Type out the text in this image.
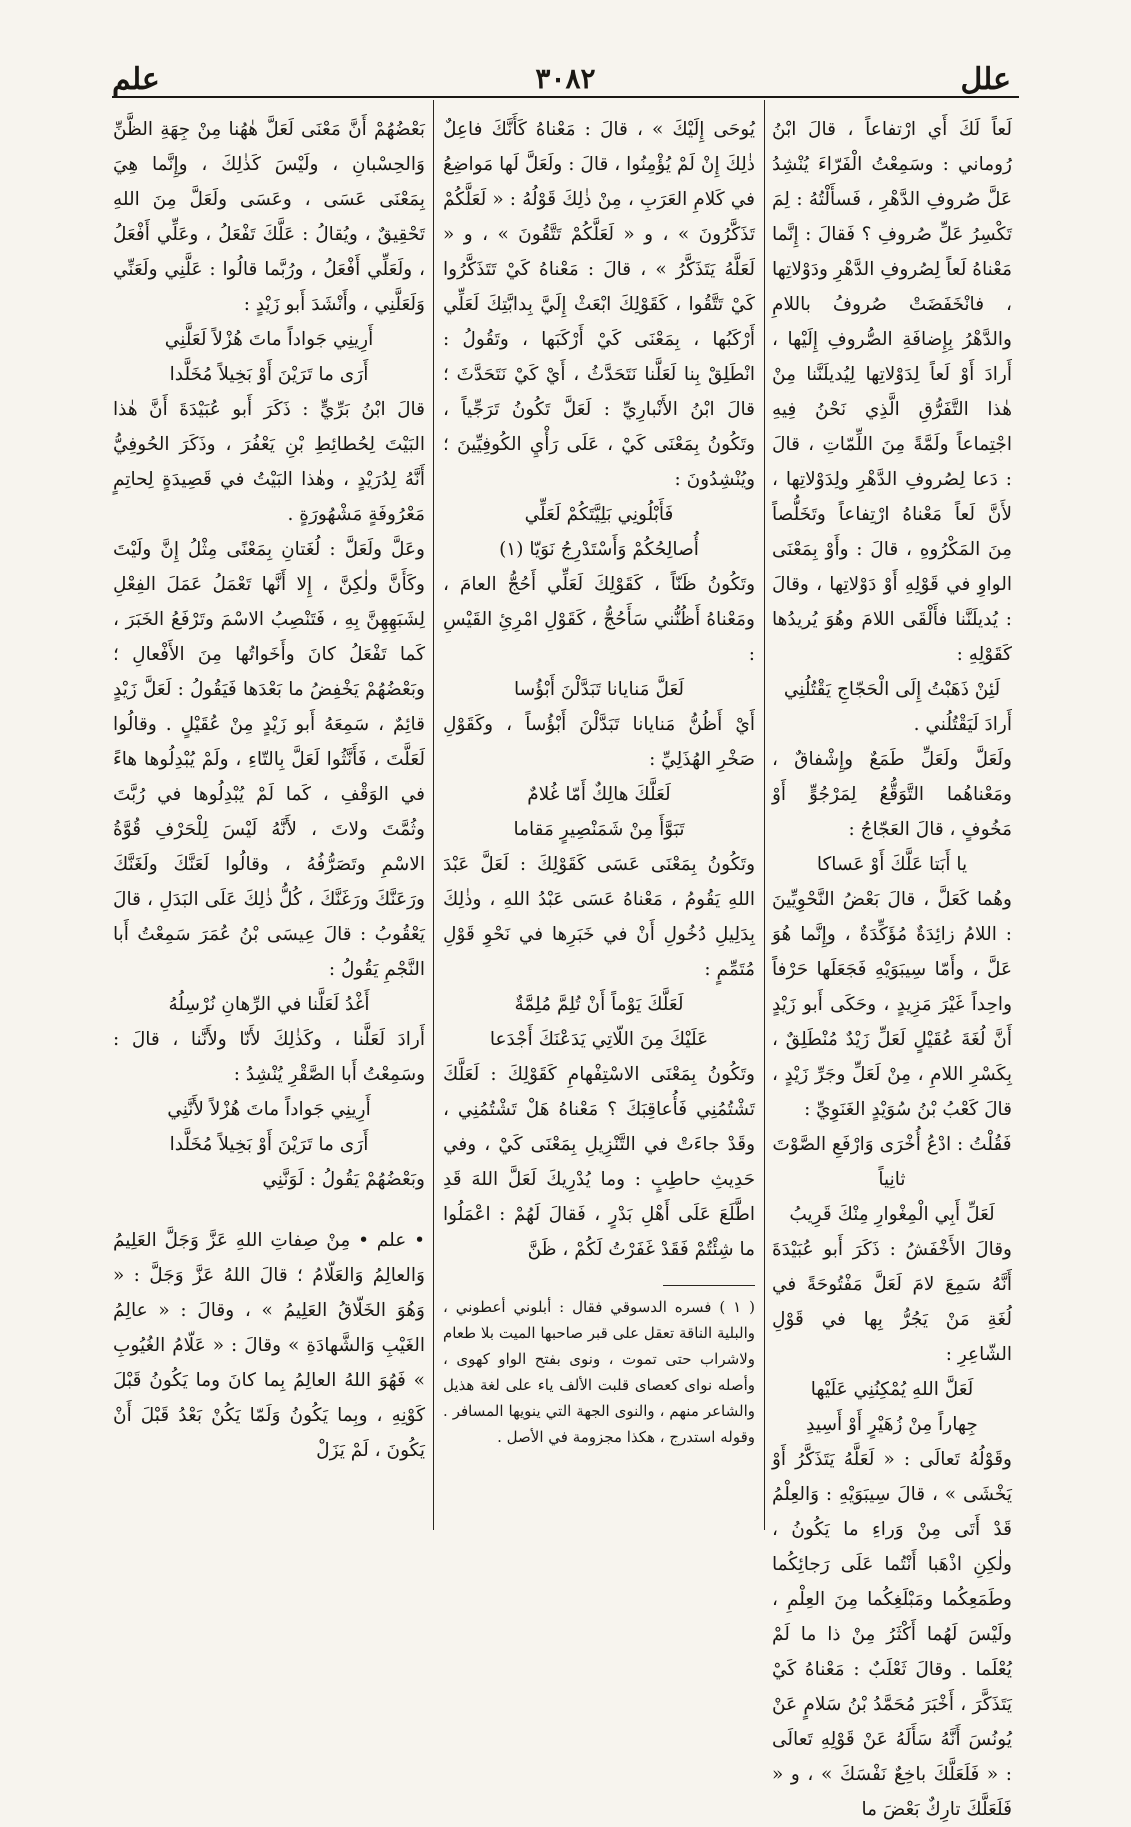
علل
٣٠٨٢
علم

لَعاً لَكَ أَي ارْتفاعاً ، قالَ ابْنُ رُوماني : وسَمِعْتُ الْفَرّاءَ يُنْشِدُ عَلَّ صُروفِ الدَّهْرِ ، فَسأَلْتُهُ : لِمَ تَكْسِرُ عَلِّ صُروفِ ؟ فَقالَ : إِنَّما مَعْناهُ لَعاً لِصُروفِ الدَّهْرِ ودَوْلاتِها ، فانْخَفَضَتْ صُروفُ باللامِ والدَّهْرُ بِإِضافَةِ الصُّروفِ إِلَيْها ، أَرادَ أَوْ لَعاً لِدَوْلاتِها لِيُديلَنَّنا مِنْ هٰذا التَّفَرُّقِ الَّذِي نَحْنُ فِيهِ اجْتِماعاً ولَمَّةً مِنَ اللِّمّاتِ ، قالَ : دَعا لِصُروفِ الدَّهْرِ ولِدَوْلاتِها ، لأَنَّ لَعاً مَعْناهُ ارْتِفاعاً وتَخَلُّصاً مِنَ المَكْرُوهِ ، قالَ : وأَوْ بِمَعْنَى الواوِ في قَوْلِهِ أَوْ دَوْلاتِها ، وقالَ : يُديلَنَّنا فأَلْقَى اللامَ وهُوَ يُريدُها كَقَوْلِهِ :

لَئِنْ ذَهَبْتُ إِلَى الْحَجّاجِ يَقْتُلُنِي

أَرادَ لَيَقْتُلُني .

ولَعَلَّ ولَعَلِّ طَمَعٌ وإِشْفاقٌ ، ومَعْناهُما التَّوَقُّعُ لِمَرْجُوٍّ أَوْ مَخُوفٍ ، قالَ العَجّاجُ :

يا أَبَتا عَلَّكَ أَوْ عَساكا

وهُما كَعَلَّ ، قالَ بَعْضُ النَّحْوِيِّينَ : اللامُ زائِدَةٌ مُؤَكِّدَةٌ ، وإِنَّما هُوَ عَلَّ ، وأَمّا سِيبَوَيْهِ فَجَعَلَها حَرْفاً واحِداً غَيْرَ مَزِيدٍ ، وحَكَى أَبو زَيْدٍ أَنَّ لُغَةَ عُقَيْلٍ لَعَلِّ زَيْدٌ مُنْطَلِقٌ ، بِكَسْرِ اللامِ ، مِنْ لَعَلِّ وجَرِّ زَيْدٍ ، قالَ كَعْبُ بْنُ سُوَيْدٍ الغَنَوِيِّ :

فَقُلْتُ : ادْعُ أُخْرَى وَارْفَعِ الصَّوْتَ ثانِياً

لَعَلِّ أَبِي الْمِغْوارِ مِنْكَ قَرِيبُ

وقالَ الأَخْفَشُ : ذَكَرَ أَبو عُبَيْدَةَ أَنَّهُ سَمِعَ لامَ لَعَلَّ مَفْتُوحَةً في لُغَةِ مَنْ يَجُرُّ بِها في قَوْلِ الشّاعِرِ :

لَعَلَّ اللهِ يُمْكِنُنِي عَلَيْها

جِهاراً مِنْ زُهَيْرٍ أَوْ أَسِيدِ

وقَوْلُهُ تَعالَى : « لَعَلَّهُ يَتَذَكَّرُ أَوْ يَخْشَى » ، قالَ سِيبَوَيْهِ : وَالعِلْمُ قَدْ أَتَى مِنْ وَراءِ ما يَكُونُ ، ولٰكِنِ اذْهَبا أَنْتُما عَلَى رَجائِكُما وطَمَعِكُما ومَبْلَغِكُما مِنَ العِلْمِ ، ولَيْسَ لَهُما أَكْثَرُ مِنْ ذا ما لَمْ يُعْلَما . وقالَ ثَعْلَبٌ : مَعْناهُ كَيْ يَتَذَكَّرَ ، أَخْبَرَ مُحَمَّدُ بْنُ سَلامٍ عَنْ يُونُسَ أَنَّهُ سَأَلَهُ عَنْ قَوْلِهِ تَعالَى : « فَلَعَلَّكَ باخِعٌ نَفْسَكَ » ، و « فَلَعَلَّكَ تارِكٌ بَعْضَ ما

يُوحَى إِلَيْكَ » ، قالَ : مَعْناهُ كَأَنَّكَ فاعِلٌ ذٰلِكَ إِنْ لَمْ يُؤْمِنُوا ، قالَ : ولَعَلَّ لَها مَواضِعُ في كَلامِ العَرَبِ ، مِنْ ذٰلِكَ قَوْلُهُ : « لَعَلَّكُمْ تَذَكَّرُونَ » ، و « لَعَلَّكُمْ تَتَّقُونَ » ، و « لَعَلَّهُ يَتَذَكَّرُ » ، قالَ : مَعْناهُ كَيْ تَتَذَكَّرُوا كَيْ تَتَّقُوا ، كَقَوْلِكَ ابْعَثْ إِلَيَّ بِدابَّتِكَ لَعَلِّي أَرْكَبُها ، بِمَعْنَى كَيْ أَرْكَبَها ، وتَقُولُ : انْطَلِقْ بِنا لَعَلَّنا نَتَحَدَّثُ ، أَيْ كَيْ نَتَحَدَّثَ ؛ قالَ ابْنُ الأَنْبارِيِّ : لَعَلَّ تَكُونُ تَرَجِّياً ، وتَكُونُ بِمَعْنَى كَيْ ، عَلَى رَأْيِ الكُوفِيِّينَ ؛ ويُنْشِدُونَ :

فَأَبْلُونِي بَلِيَّتَكُمْ لَعَلِّي

أُصالِحُكُمْ وَأَسْتَدْرِجُ نَوَيّا (١)

وتَكُونُ ظَنّاً ، كَقَوْلِكَ لَعَلِّي أَحُجُّ العامَ ، ومَعْناهُ أَظُنُّني سَأَحُجُّ ، كَقَوْلِ امْرِئِ القَيْسِ :

لَعَلَّ مَنايانا تَبَدَّلْنَ أَبْؤُسا

أَيْ أَظُنُّ مَنايانا تَبَدَّلْنَ أَبْؤُساً ، وكَقَوْلِ صَخْرِ الهُذَلِيِّ :

لَعَلَّكَ هالِكٌ أَمّا غُلامٌ

تَبَوَّأَ مِنْ شَمَنْصِيرٍ مَقاما

وتَكُونُ بِمَعْنَى عَسَى كَقَوْلِكَ : لَعَلَّ عَبْدَ اللهِ يَقُومُ ، مَعْناهُ عَسَى عَبْدُ اللهِ ، وذٰلِكَ بِدَلِيلِ دُخُولِ أَنْ في خَبَرِها في نَحْوِ قَوْلِ مُتَمِّمٍ :

لَعَلَّكَ يَوْماً أَنْ تُلِمَّ مُلِمَّةٌ

عَلَيْكَ مِنَ اللّاتِي يَدَعْنَكَ أَجْدَعا

وتَكُونُ بِمَعْنَى الاسْتِفْهامِ كَقَوْلِكَ : لَعَلَّكَ تَشْتُمُنِي فَأُعاقِبَكَ ؟ مَعْناهُ هَلْ تَشْتُمُنِي ، وقَدْ جاءَتْ في التَّنْزِيلِ بِمَعْنَى كَيْ ، وفي حَدِيثِ حاطِبٍ : وما يُدْرِيكَ لَعَلَّ اللهَ قَدِ اطَّلَعَ عَلَى أَهْلِ بَدْرٍ ، فَقالَ لَهُمْ : اعْمَلُوا ما شِئْتُمْ فَقَدْ غَفَرْتُ لَكُمْ ، ظَنَّ

( ١ ) فسره الدسوقي فقال : أبلوني أعطوني ، والبلية الناقة تعقل على قبر صاحبها الميت بلا طعام ولاشراب حتى تموت ، ونوى بفتح الواو كهوى ، وأصله نواى كعصاى قلبت الألف ياء على لغة هذيل والشاعر منهم ، والنوى الجهة التي ينويها المسافر . وقوله استدرج ، هكذا مجزومة في الأصل .

بَعْضُهُمْ أَنَّ مَعْنَى لَعَلَّ هٰهُنا مِنْ جِهَةِ الظَّنِّ وَالحِسْبانِ ، ولَيْسَ كَذٰلِكَ ، وإِنَّما هِيَ بِمَعْنَى عَسَى ، وعَسَى ولَعَلَّ مِنَ اللهِ تَحْقِيقٌ ، ويُقالُ : عَلَّكَ تَفْعَلُ ، وعَلِّي أَفْعَلُ ، ولَعَلِّي أَفْعَلُ ، ورُبَّما قالُوا : عَلَّنِي ولَعَنِّي وَلَعَلَّنِي ، وأَنْشَدَ أَبو زَيْدٍ :

أَرِينِي جَواداً ماتَ هُزْلاً لَعَلَّنِي

أَرَى ما تَرَيْنَ أَوْ بَخِيلاً مُخَلَّدا

قالَ ابْنُ بَرِّيٍّ : ذَكَرَ أَبو عُبَيْدَةَ أَنَّ هٰذا البَيْتَ لِحُطائِطِ بْنِ يَعْفُرَ ، وذَكَرَ الحُوفِيُّ أَنَّهُ لِدُرَيْدٍ ، وهٰذا البَيْتُ في قَصِيدَةٍ لِحاتِمٍ مَعْرُوفَةٍ مَشْهُورَةٍ .

وعَلَّ ولَعَلَّ : لُغَتانِ بِمَعْنًى مِثْلُ إِنَّ ولَيْتَ وكَأَنَّ ولٰكِنَّ ، إِلا أَنَّها تَعْمَلُ عَمَلَ الفِعْلِ لِشَبَهِهِنَّ بِهِ ، فَتَنْصِبُ الاسْمَ وتَرْفَعُ الخَبَرَ ، كَما تَفْعَلُ كانَ وأَخَواتُها مِنَ الأَفْعالِ ؛ وبَعْضُهُمْ يَخْفِضُ ما بَعْدَها فَيَقُولُ : لَعَلَّ زَيْدٍ قائِمٌ ، سَمِعَهُ أَبو زَيْدٍ مِنْ عُقَيْلٍ . وقالُوا لَعَلَّتَ ، فَأَنَّثُوا لَعَلَّ بِالتّاءِ ، ولَمْ يُبْدِلُوها هاءً في الوَقْفِ ، كَما لَمْ يُبْدِلُوها في رُبَّتَ وثُمَّتَ ولاتَ ، لأَنَّهُ لَيْسَ لِلْحَرْفِ قُوَّةُ الاسْمِ وتَصَرُّفُهُ ، وقالُوا لَعَنَّكَ ولَغَنَّكَ ورَعَنَّكَ ورَغَنَّكَ ، كُلُّ ذٰلِكَ عَلَى البَدَلِ ، قالَ يَعْقُوبُ : قالَ عِيسَى بْنُ عُمَرَ سَمِعْتُ أَبا النَّجْمِ يَقُولُ :

أَغْدُ لَعَلَّنا في الرِّهانِ نُرْسِلُهُ

أَرادَ لَعَلَّنا ، وكَذٰلِكَ لأَنّا ولأَنَّنا ، قالَ : وسَمِعْتُ أَبا الصَّقْرِ يُنْشِدُ :

أَرِينِي جَواداً ماتَ هُزْلاً لأَنَّنِي

أَرَى ما تَرَيْنَ أَوْ بَخِيلاً مُخَلَّدا

وبَعْضُهُمْ يَقُولُ : لَوَنَّنِي

• علم • مِنْ صِفاتِ اللهِ عَزَّ وَجَلَّ العَلِيمُ وَالعالِمُ وَالعَلّامُ ؛ قالَ اللهُ عَزَّ وَجَلَّ : « وَهُوَ الخَلّاقُ العَلِيمُ » ، وقالَ : « عالِمُ الغَيْبِ وَالشَّهادَةِ » وقالَ : « عَلّامُ الغُيُوبِ » فَهُوَ اللهُ العالِمُ بِما كانَ وما يَكُونُ قَبْلَ كَوْنِهِ ، وبِما يَكُونُ وَلَمّا يَكُنْ بَعْدُ قَبْلَ أَنْ يَكُونَ ، لَمْ يَزَلْ
